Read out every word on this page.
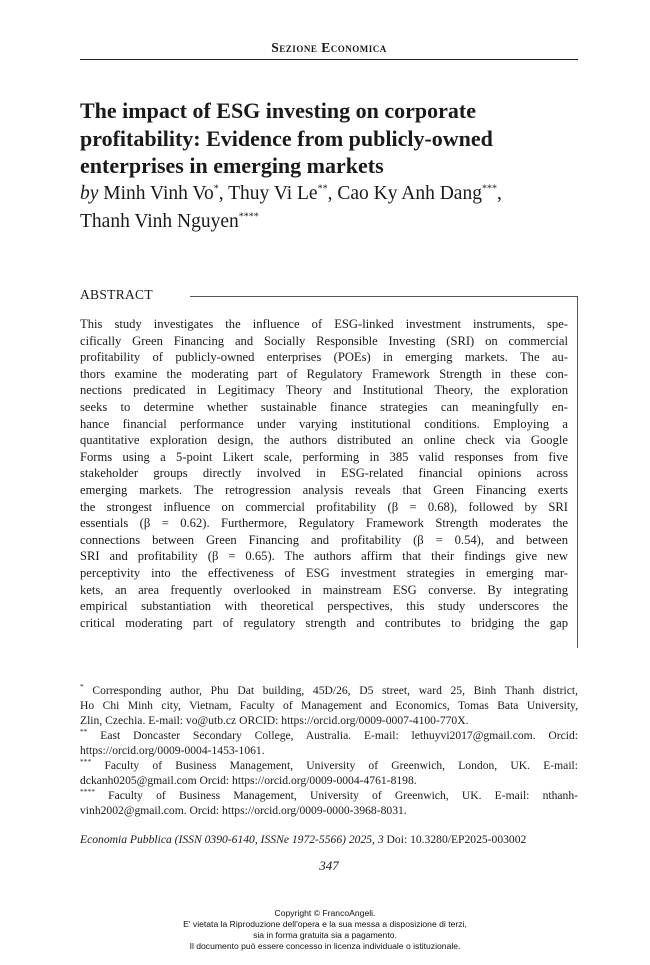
Sezione Economica
The impact of ESG investing on corporate
profitability: Evidence from publicly-owned
enterprises in emerging markets
by Minh Vinh Vo*, Thuy Vi Le**, Cao Ky Anh Dang***,
Thanh Vinh Nguyen****
ABSTRACT
This study investigates the influence of ESG-linked investment instruments, spe-
cifically Green Financing and Socially Responsible Investing (SRI) on commercial
profitability of publicly-owned enterprises (POEs) in emerging markets. The au-
thors examine the moderating part of Regulatory Framework Strength in these con-
nections predicated in Legitimacy Theory and Institutional Theory, the exploration
seeks to determine whether sustainable finance strategies can meaningfully en-
hance financial performance under varying institutional conditions. Employing a
quantitative exploration design, the authors distributed an online check via Google
Forms using a 5-point Likert scale, performing in 385 valid responses from five
stakeholder groups directly involved in ESG-related financial opinions across
emerging markets. The retrogression analysis reveals that Green Financing exerts
the strongest influence on commercial profitability (β = 0.68), followed by SRI
essentials (β = 0.62). Furthermore, Regulatory Framework Strength moderates the
connections between Green Financing and profitability (β = 0.54), and between
SRI and profitability (β = 0.65). The authors affirm that their findings give new
perceptivity into the effectiveness of ESG investment strategies in emerging mar-
kets, an area frequently overlooked in mainstream ESG converse. By integrating
empirical substantiation with theoretical perspectives, this study underscores the
critical moderating part of regulatory strength and contributes to bridging the gap
* Corresponding author, Phu Dat building, 45D/26, D5 street, ward 25, Binh Thanh district,
Ho Chi Minh city, Vietnam, Faculty of Management and Economics, Tomas Bata University,
Zlin, Czechia. E-mail: vo@utb.cz ORCID: https://orcid.org/0009-0007-4100-770X.
** East Doncaster Secondary College, Australia. E-mail: lethuyvi2017@gmail.com. Orcid:
https://orcid.org/0009-0004-1453-1061.
*** Faculty of Business Management, University of Greenwich, London, UK. E-mail:
dckanh0205@gmail.com Orcid: https://orcid.org/0009-0004-4761-8198.
**** Faculty of Business Management, University of Greenwich, UK. E-mail: nthanh-
vinh2002@gmail.com. Orcid: https://orcid.org/0009-0000-3968-8031.
Economia Pubblica (ISSN 0390-6140, ISSNe 1972-5566) 2025, 3 Doi: 10.3280/EP2025-003002
347
Copyright © FrancoAngeli.
E' vietata la Riproduzione dell'opera e la sua messa a disposizione di terzi,
sia in forma gratuita sia a pagamento.
Il documento può essere concesso in licenza individuale o istituzionale.
